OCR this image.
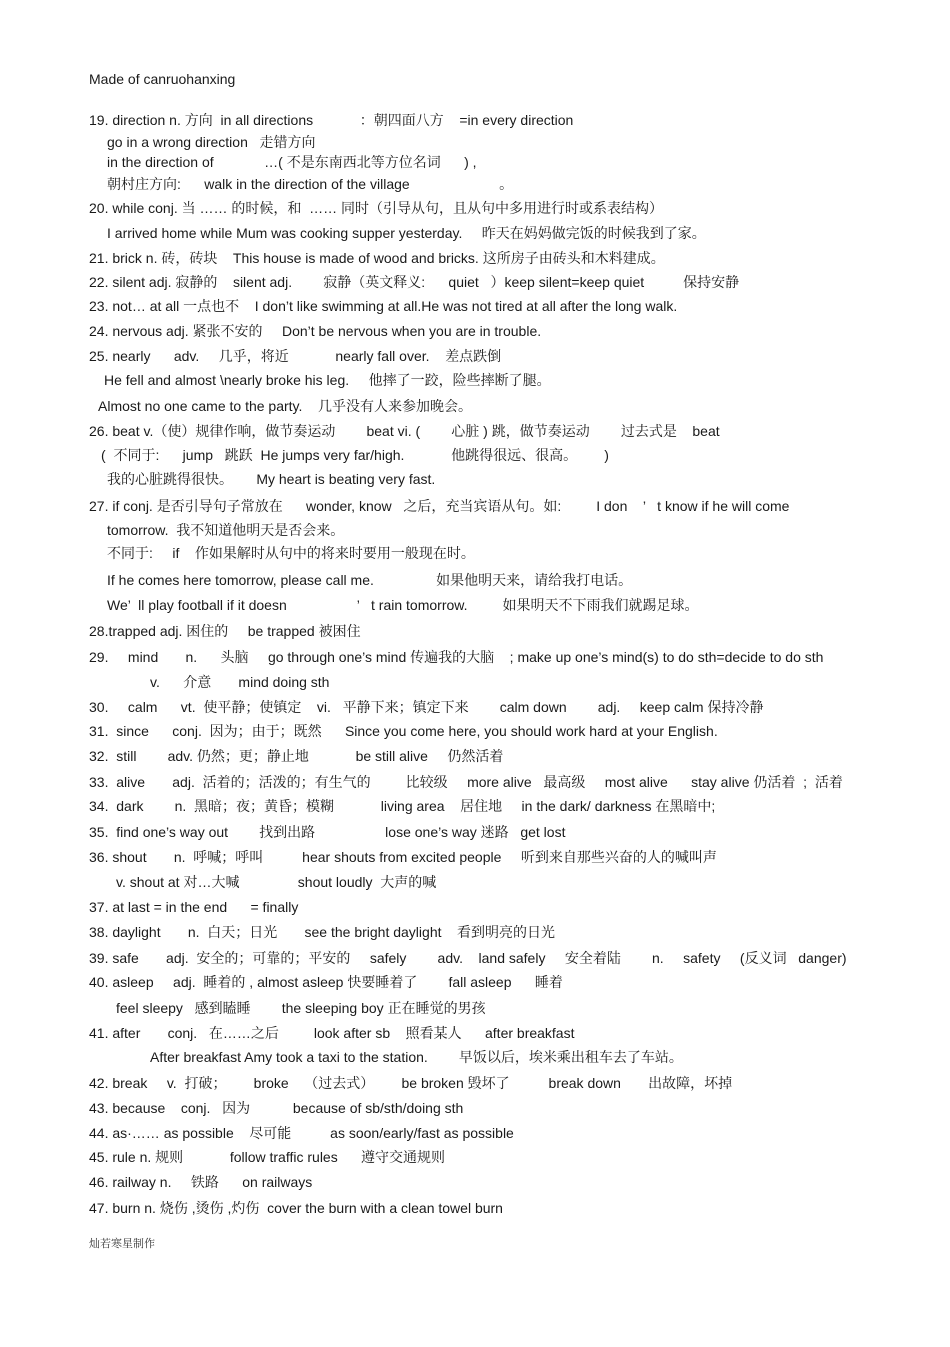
Made of canruohanxing
19. direction n. 方向  in all directions            ：朝四面八方    =in every direction
go in a wrong direction   走错方向
in the direction of             …( 不是东南西北等方位名词      ) ,
朝村庄方向:      walk in the direction of the village                       。
20. while conj. 当 …… 的时候，和  …… 同时（引导从句，且从句中多用进行时或系表结构）
I arrived home while Mum was cooking supper yesterday.     昨天在妈妈做完饭的时候我到了家。
21. brick n. 砖，砖块    This house is made of wood and bricks. 这所房子由砖头和木料建成。
22. silent adj. 寂静的    silent adj.        寂静（英文释义:      quiet   ）keep silent=keep quiet          保持安静
23. not… at all 一点也不    I don’t like swimming at all.He was not tired at all after the long walk.
24. nervous adj. 紧张不安的     Don’t be nervous when you are in trouble.
25. nearly      adv.     几乎，将近            nearly fall over.    差点跌倒
He fell and almost \nearly broke his leg.     他摔了一跤，险些摔断了腿。
Almost no one came to the party.    几乎没有人来参加晚会。
26. beat v.（使）规律作响，做节奏运动        beat vi. (        心脏 ) 跳，做节奏运动        过去式是    beat
(  不同于:      jump   跳跃  He jumps very far/high.            他跳得很远、很高。       )
我的心脏跳得很快。      My heart is beating very fast.
27. if conj. 是否引导句子常放在      wonder, know   之后，充当宾语从句。如:         I don    ’   t know if he will come
tomorrow.  我不知道他明天是否会来。
不同于:     if    作如果解时从句中的将来时要用一般现在时。
If he comes here tomorrow, please call me.                如果他明天来，请给我打电话。
We’  ll play football if it doesn                  ’   t rain tomorrow.         如果明天不下雨我们就踢足球。
28.trapped adj. 困住的     be trapped 被困住
29.     mind       n.      头脑     go through one’s mind 传遍我的大脑    ; make up one’s mind(s) to do sth=decide to do sth
v.      介意       mind doing sth
30.     calm      vt.  使平静；使镇定    vi.   平静下来；镇定下来        calm down        adj.     keep calm 保持冷静
31.  since      conj.  因为；由于；既然      Since you come here, you should work hard at your English.
32.  still        adv. 仍然；更；静止地            be still alive     仍然活着
33.  alive       adj.  活着的；活泼的；有生气的         比较级     more alive   最高级     most alive      stay alive 仍活着  ;  活着
34.  dark        n.  黑暗；夜；黄昏；模糊            living area    居住地     in the dark/ darkness 在黑暗中;
35.  find one’s way out        找到出路                  lose one’s way 迷路   get lost
36. shout       n.  呼喊；呼叫          hear shouts from excited people     听到来自那些兴奋的人的喊叫声
v. shout at 对…大喊               shout loudly  大声的喊
37. at last = in the end      = finally
38. daylight       n.  白天；日光       see the bright daylight    看到明亮的日光
39. safe       adj.  安全的；可靠的；平安的     safely        adv.    land safely     安全着陆        n.     safety     (反义词   danger)
40. asleep     adj.  睡着的 , almost asleep 快要睡着了        fall asleep      睡着
feel sleepy   感到瞌睡        the sleeping boy 正在睡觉的男孩
41. after       conj.   在……之后         look after sb    照看某人      after breakfast
After breakfast Amy took a taxi to the station.        早饭以后，埃米乘出租车去了车站。
42. break     v.  打破；       broke    （过去式）       be broken 毁坏了          break down       出故障，坏掉
43. because    conj.   因为           because of sb/sth/doing sth
44. as·…… as possible    尽可能          as soon/early/fast as possible
45. rule n. 规则            follow traffic rules      遵守交通规则
46. railway n.     铁路      on railways
47. burn n. 烧伤 ,烫伤 ,灼伤  cover the burn with a clean towel burn
灿若寒星制作
